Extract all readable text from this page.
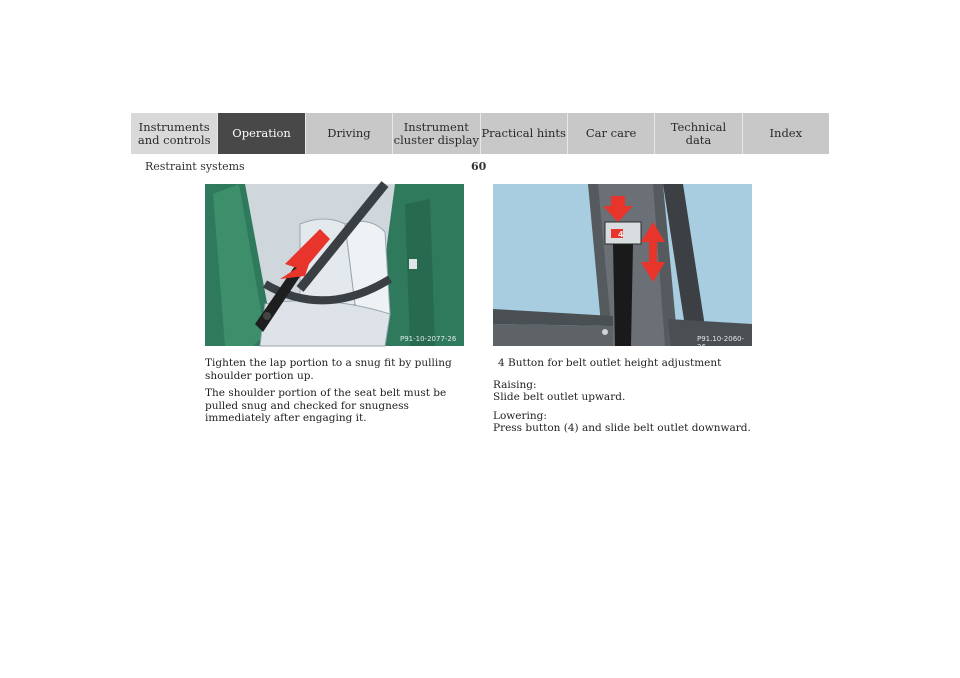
Instruments
and controls	Operation	Driving	Instrument
cluster display Practical hints	Car care	Technical
data	Index
Restraint systems	60
P91-10-2077-26
4
P91.10-2060-26

Tighten the lap portion to a snug fit by pulling shoulder portion up.

The shoulder portion of the seat belt must be pulled snug and checked for snugness immediately after engaging it.

4 Button for belt outlet height adjustment

Raising:
Slide belt outlet upward.

Lowering:
Press button (4) and slide belt outlet downward.
